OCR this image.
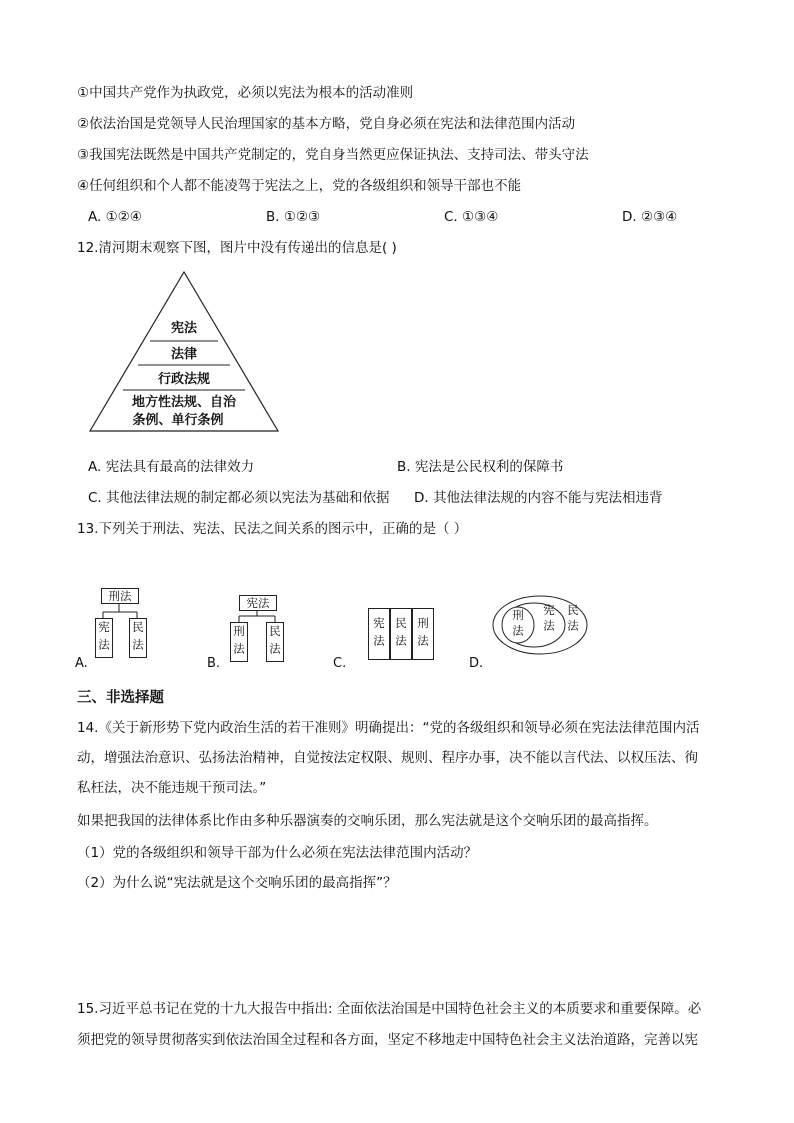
①中国共产党作为执政党，必须以宪法为根本的活动准则
②依法治国是党领导人民治理国家的基本方略，党自身必须在宪法和法律范围内活动
③我国宪法既然是中国共产党制定的，党自身当然更应保证执法、支持司法、带头守法
④任何组织和个人都不能凌驾于宪法之上，党的各级组织和领导干部也不能
A. ①②④	B. ①②③	C. ①③④	D. ②③④
12.清河期末观察下图，图片中没有传递出的信息是( )
宪法
法律
行政法规
地方性法规、自治
条例、单行条例
A. 宪法具有最高的法律效力	B. 宪法是公民权利的保障书
C. 其他法律法规的制定都必须以宪法为基础和依据 D. 其他法律法规的内容不能与宪法相违背
13.下列关于刑法、宪法、民法之间关系的图示中，正确的是（ ）
刑法
宪法 民法
A.
宪法
刑法 民法
B.
宪法 民法 刑法
C.
刑法 宪法 民法
D.
三、非选择题
14.《关于新形势下党内政治生活的若干准则》明确提出：“党的各级组织和领导必须在宪法法律范围内活
动，增强法治意识、弘扬法治精神，自觉按法定权限、规则、程序办事，决不能以言代法、以权压法、徇
私枉法，决不能违规干预司法。”
如果把我国的法律体系比作由多种乐器演奏的交响乐团，那么宪法就是这个交响乐团的最高指挥。
（1）党的各级组织和领导干部为什么必须在宪法法律范围内活动？
（2）为什么说“宪法就是这个交响乐团的最高指挥”？
15.习近平总书记在党的十九大报告中指出: 全面依法治国是中国特色社会主义的本质要求和重要保障。必
须把党的领导贯彻落实到依法治国全过程和各方面，坚定不移地走中国特色社会主义法治道路，完善以宪
